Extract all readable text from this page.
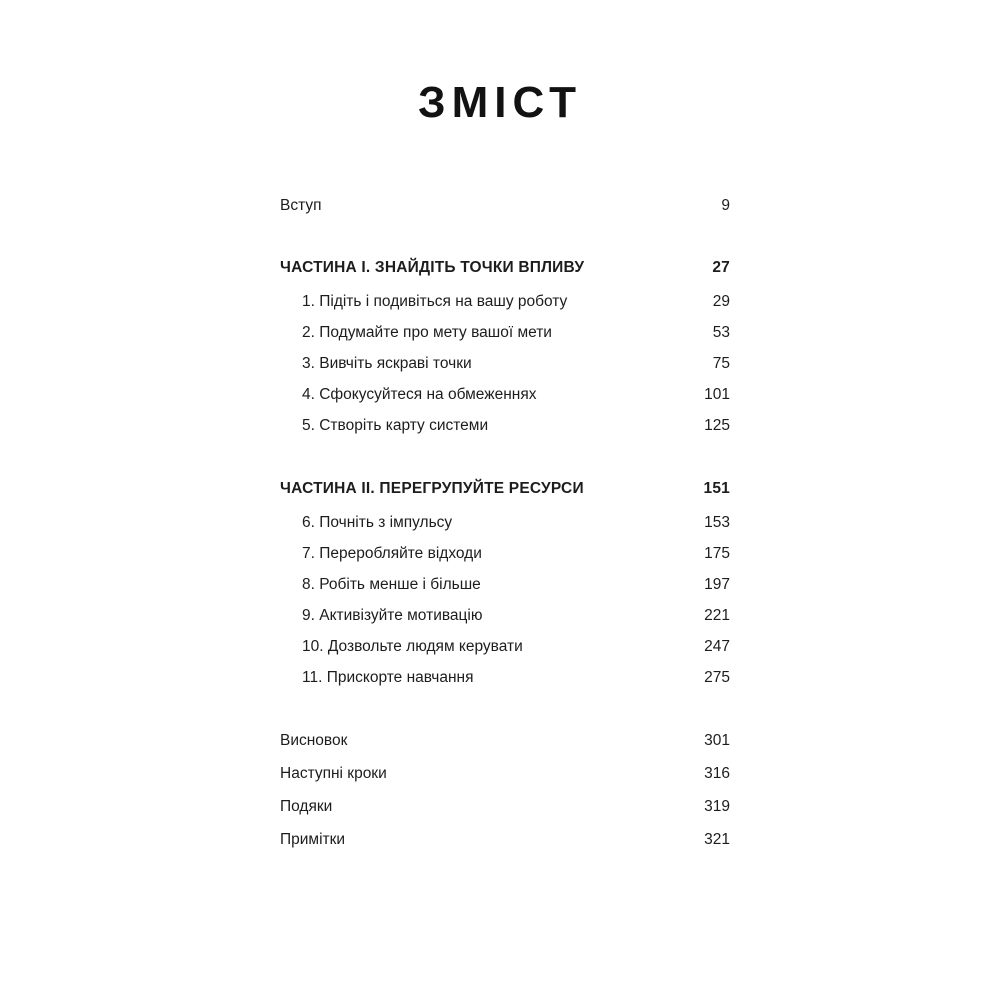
ЗМІСТ
Вступ	9
ЧАСТИНА I. ЗНАЙДІТЬ ТОЧКИ ВПЛИВУ	27
1. Підіть і подивіться на вашу роботу	29
2. Подумайте про мету вашої мети	53
3. Вивчіть яскраві точки	75
4. Сфокусуйтеся на обмеженнях	101
5. Створіть карту системи	125
ЧАСТИНА II. ПЕРЕГРУПУЙТЕ РЕСУРСИ	151
6. Почніть з імпульсу	153
7. Переробляйте відходи	175
8. Робіть менше і більше	197
9. Активізуйте мотивацію	221
10. Дозвольте людям керувати	247
11. Прискорте навчання	275
Висновок	301
Наступні кроки	316
Подяки	319
Примітки	321
